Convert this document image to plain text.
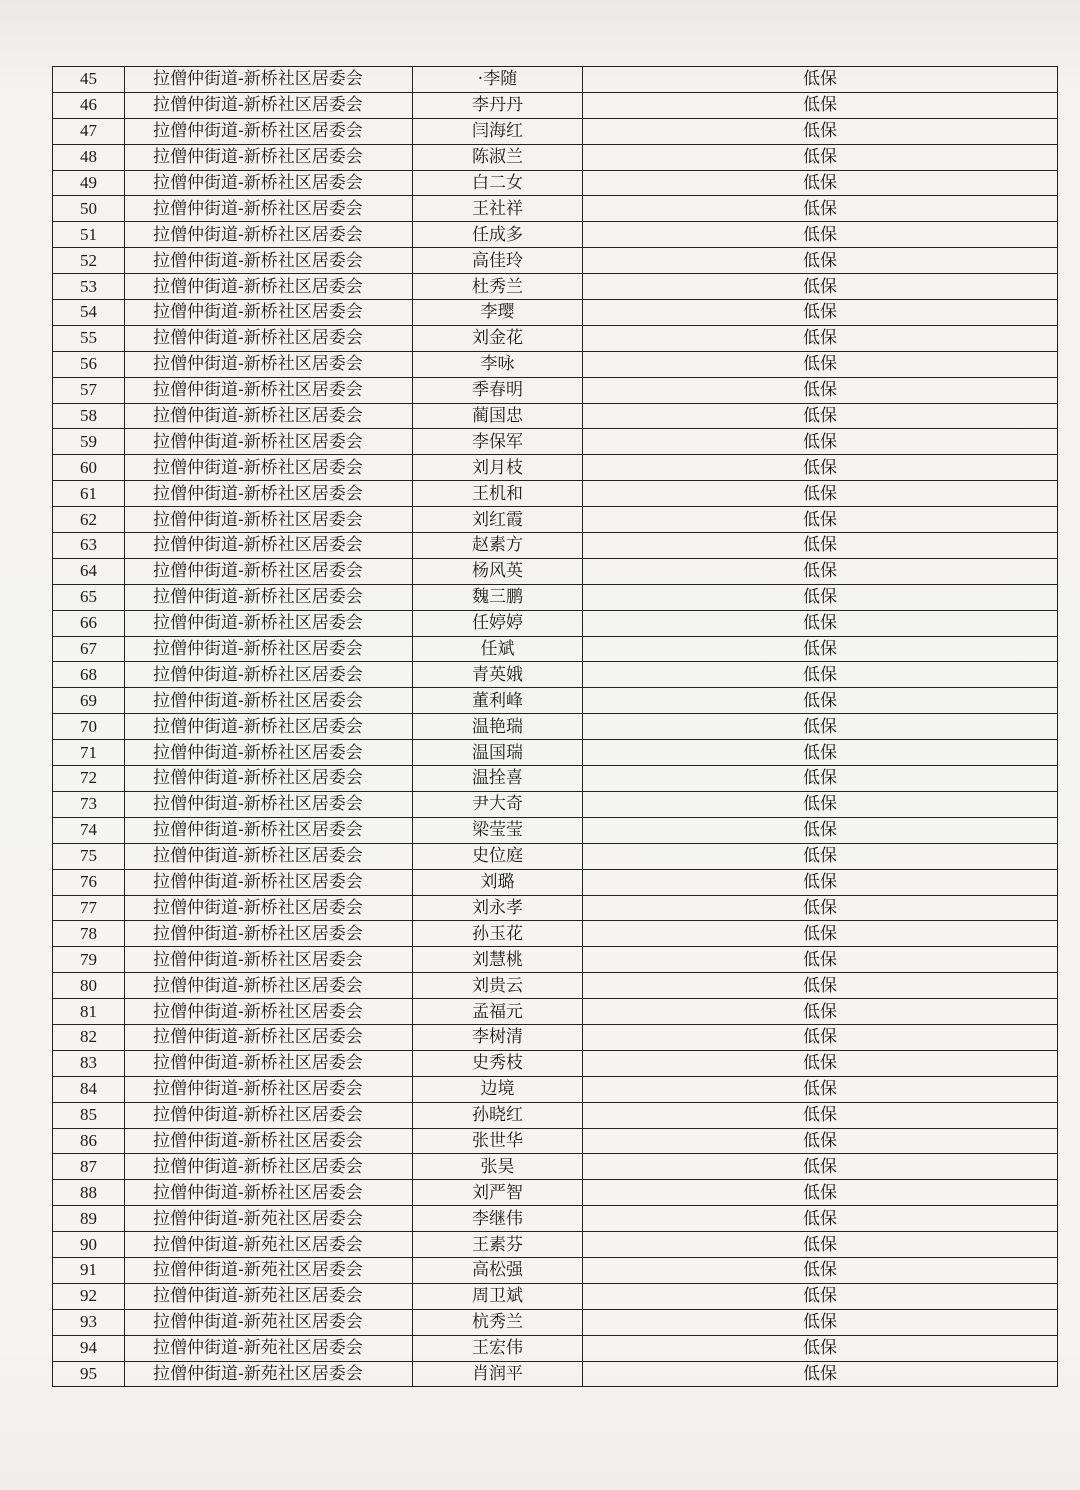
45	拉僧仲街道-新桥社区居委会	·李随	低保
46	拉僧仲街道-新桥社区居委会	李丹丹	低保
47	拉僧仲街道-新桥社区居委会	闫海红	低保
48	拉僧仲街道-新桥社区居委会	陈淑兰	低保
49	拉僧仲街道-新桥社区居委会	白二女	低保
50	拉僧仲街道-新桥社区居委会	王社祥	低保
51	拉僧仲街道-新桥社区居委会	任成多	低保
52	拉僧仲街道-新桥社区居委会	高佳玲	低保
53	拉僧仲街道-新桥社区居委会	杜秀兰	低保
54	拉僧仲街道-新桥社区居委会	李璎	低保
55	拉僧仲街道-新桥社区居委会	刘金花	低保
56	拉僧仲街道-新桥社区居委会	李咏	低保
57	拉僧仲街道-新桥社区居委会	季春明	低保
58	拉僧仲街道-新桥社区居委会	蔺国忠	低保
59	拉僧仲街道-新桥社区居委会	李保军	低保
60	拉僧仲街道-新桥社区居委会	刘月枝	低保
61	拉僧仲街道-新桥社区居委会	王机和	低保
62	拉僧仲街道-新桥社区居委会	刘红霞	低保
63	拉僧仲街道-新桥社区居委会	赵素方	低保
64	拉僧仲街道-新桥社区居委会	杨风英	低保
65	拉僧仲街道-新桥社区居委会	魏三鹏	低保
66	拉僧仲街道-新桥社区居委会	任婷婷	低保
67	拉僧仲街道-新桥社区居委会	任斌	低保
68	拉僧仲街道-新桥社区居委会	青英娥	低保
69	拉僧仲街道-新桥社区居委会	董利峰	低保
70	拉僧仲街道-新桥社区居委会	温艳瑞	低保
71	拉僧仲街道-新桥社区居委会	温国瑞	低保
72	拉僧仲街道-新桥社区居委会	温拴喜	低保
73	拉僧仲街道-新桥社区居委会	尹大奇	低保
74	拉僧仲街道-新桥社区居委会	梁莹莹	低保
75	拉僧仲街道-新桥社区居委会	史位庭	低保
76	拉僧仲街道-新桥社区居委会	刘璐	低保
77	拉僧仲街道-新桥社区居委会	刘永孝	低保
78	拉僧仲街道-新桥社区居委会	孙玉花	低保
79	拉僧仲街道-新桥社区居委会	刘慧桃	低保
80	拉僧仲街道-新桥社区居委会	刘贵云	低保
81	拉僧仲街道-新桥社区居委会	孟福元	低保
82	拉僧仲街道-新桥社区居委会	李树清	低保
83	拉僧仲街道-新桥社区居委会	史秀枝	低保
84	拉僧仲街道-新桥社区居委会	边境	低保
85	拉僧仲街道-新桥社区居委会	孙晓红	低保
86	拉僧仲街道-新桥社区居委会	张世华	低保
87	拉僧仲街道-新桥社区居委会	张昊	低保
88	拉僧仲街道-新桥社区居委会	刘严智	低保
89	拉僧仲街道-新苑社区居委会	李继伟	低保
90	拉僧仲街道-新苑社区居委会	王素芬	低保
91	拉僧仲街道-新苑社区居委会	高松强	低保
92	拉僧仲街道-新苑社区居委会	周卫斌	低保
93	拉僧仲街道-新苑社区居委会	杭秀兰	低保
94	拉僧仲街道-新苑社区居委会	王宏伟	低保
95	拉僧仲街道-新苑社区居委会	肖润平	低保
